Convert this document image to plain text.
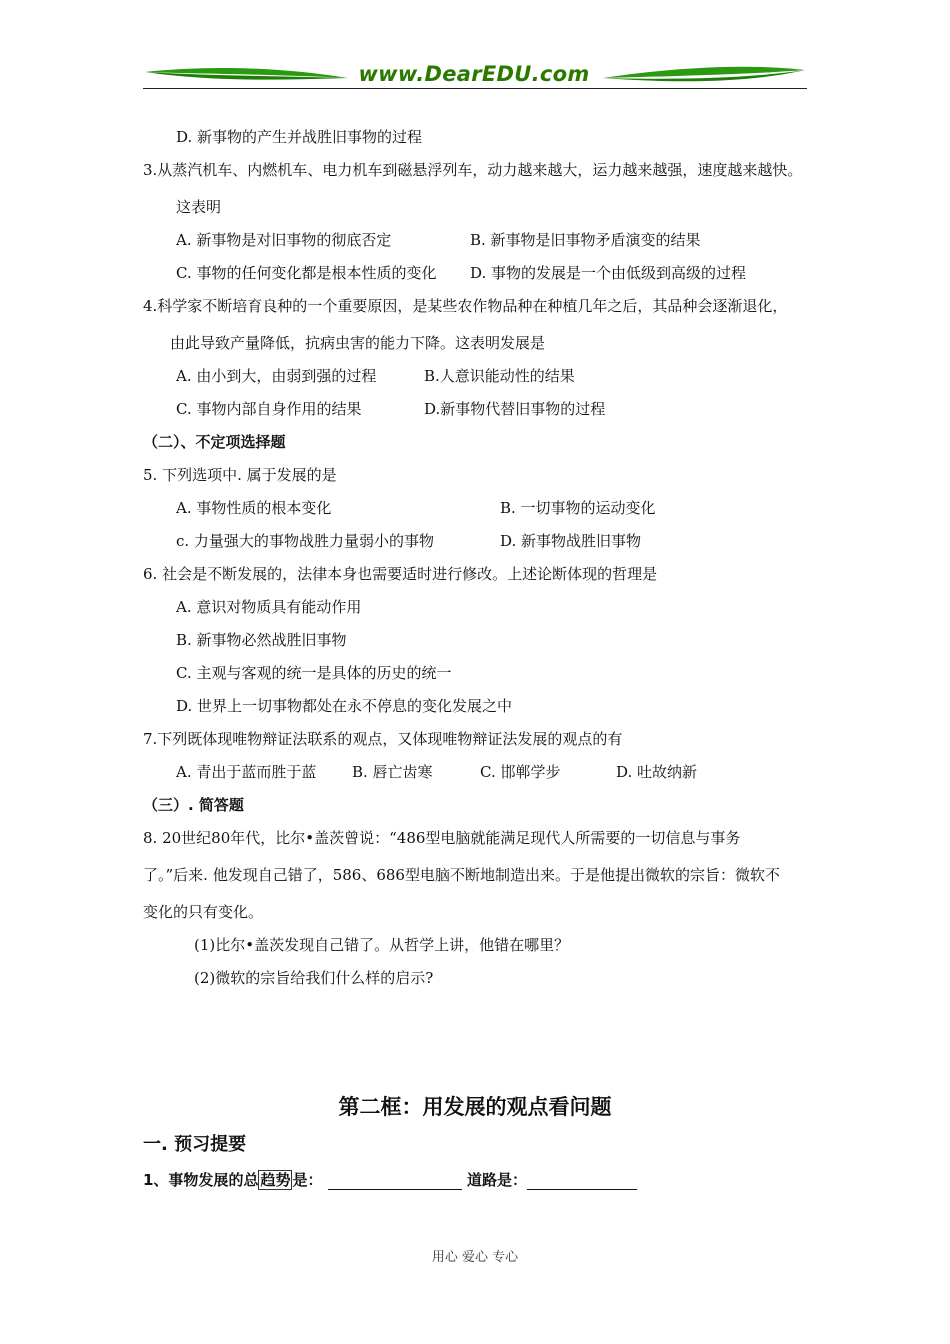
www.DearEDU.com
D. 新事物的产生并战胜旧事物的过程
3.从蒸汽机车、内燃机车、电力机车到磁悬浮列车，动力越来越大，运力越来越强，速度越来越快。
这表明
A. 新事物是对旧事物的彻底否定	B. 新事物是旧事物矛盾演变的结果
C. 事物的任何变化都是根本性质的变化 D. 事物的发展是一个由低级到高级的过程
4.科学家不断培育良种的一个重要原因，是某些农作物品种在种植几年之后，其品种会逐渐退化，
由此导致产量降低，抗病虫害的能力下降。这表明发展是
A. 由小到大，由弱到强的过程	B.人意识能动性的结果
C. 事物内部自身作用的结果	D.新事物代替旧事物的过程
（二）、不定项选择题
5. 下列选项中. 属于发展的是
A. 事物性质的根本变化	B. 一切事物的运动变化
c. 力量强大的事物战胜力量弱小的事物	D. 新事物战胜旧事物
6. 社会是不断发展的，法律本身也需要适时进行修改。上述论断体现的哲理是
A. 意识对物质具有能动作用
B. 新事物必然战胜旧事物
C. 主观与客观的统一是具体的历史的统一
D. 世界上一切事物都处在永不停息的变化发展之中
7.下列既体现唯物辩证法联系的观点，又体现唯物辩证法发展的观点的有
A. 青出于蓝而胜于蓝 B. 唇亡齿寒	C. 邯郸学步	D. 吐故纳新
（三）. 简答题
8. 20世纪80年代，比尔•盖茨曾说：“486型电脑就能满足现代人所需要的一切信息与事务
了。”后来. 他发现自己错了，586、686型电脑不断地制造出来。于是他提出微软的宗旨：微软不
变化的只有变化。
(1)比尔•盖茨发现自己错了。从哲学上讲，他错在哪里？
(2)微软的宗旨给我们什么样的启示?
第二框：用发展的观点看问题
一. 预习提要
1、事物发展的总 趋势 是：	道路是：
用心 爱心 专心
